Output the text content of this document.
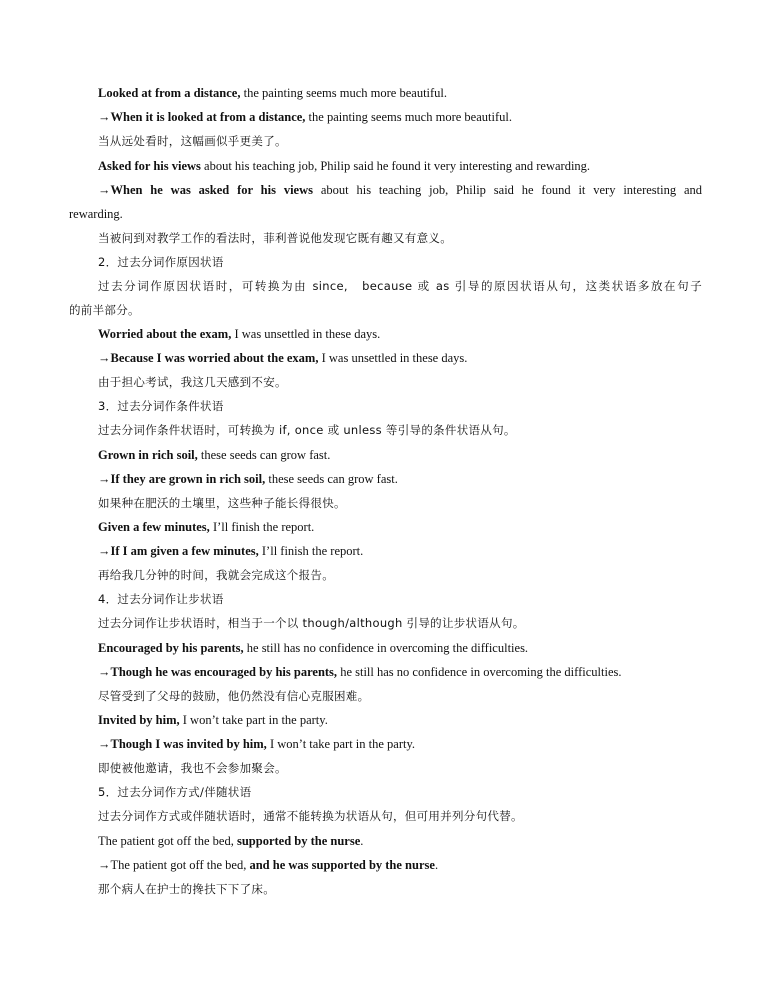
Looked at from a distance, the painting seems much more beautiful.
→When it is looked at from a distance, the painting seems much more beautiful.
当从远处看时，这幅画似乎更美了。
Asked for his views about his teaching job, Philip said he found it very interesting and rewarding.
→When he was asked for his views about his teaching job, Philip said he found it very interesting and
rewarding.
当被问到对教学工作的看法时，菲利普说他发现它既有趣又有意义。
2．过去分词作原因状语
过去分词作原因状语时，可转换为由 since,　because 或 as 引导的原因状语从句，这类状语多放在句子
的前半部分。
Worried about the exam, I was unsettled in these days.
→Because I was worried about the exam, I was unsettled in these days.
由于担心考试，我这几天感到不安。
3．过去分词作条件状语
过去分词作条件状语时，可转换为 if, once 或 unless 等引导的条件状语从句。
Grown in rich soil, these seeds can grow fast.
→If they are grown in rich soil, these seeds can grow fast.
如果种在肥沃的土壤里，这些种子能长得很快。
Given a few minutes, I’ll finish the report.
→If I am given a few minutes, I’ll finish the report.
再给我几分钟的时间，我就会完成这个报告。
4．过去分词作让步状语
过去分词作让步状语时，相当于一个以 though/although 引导的让步状语从句。
Encouraged by his parents, he still has no confidence in overcoming the difficulties.
→Though he was encouraged by his parents, he still has no confidence in overcoming the difficulties.
尽管受到了父母的鼓励，他仍然没有信心克服困难。
Invited by him, I won’t take part in the party.
→Though I was invited by him, I won’t take part in the party.
即使被他邀请，我也不会参加聚会。
5．过去分词作方式/伴随状语
过去分词作方式或伴随状语时，通常不能转换为状语从句，但可用并列分句代替。
The patient got off the bed, supported by the nurse.
→The patient got off the bed, and he was supported by the nurse.
那个病人在护士的搀扶下下了床。
